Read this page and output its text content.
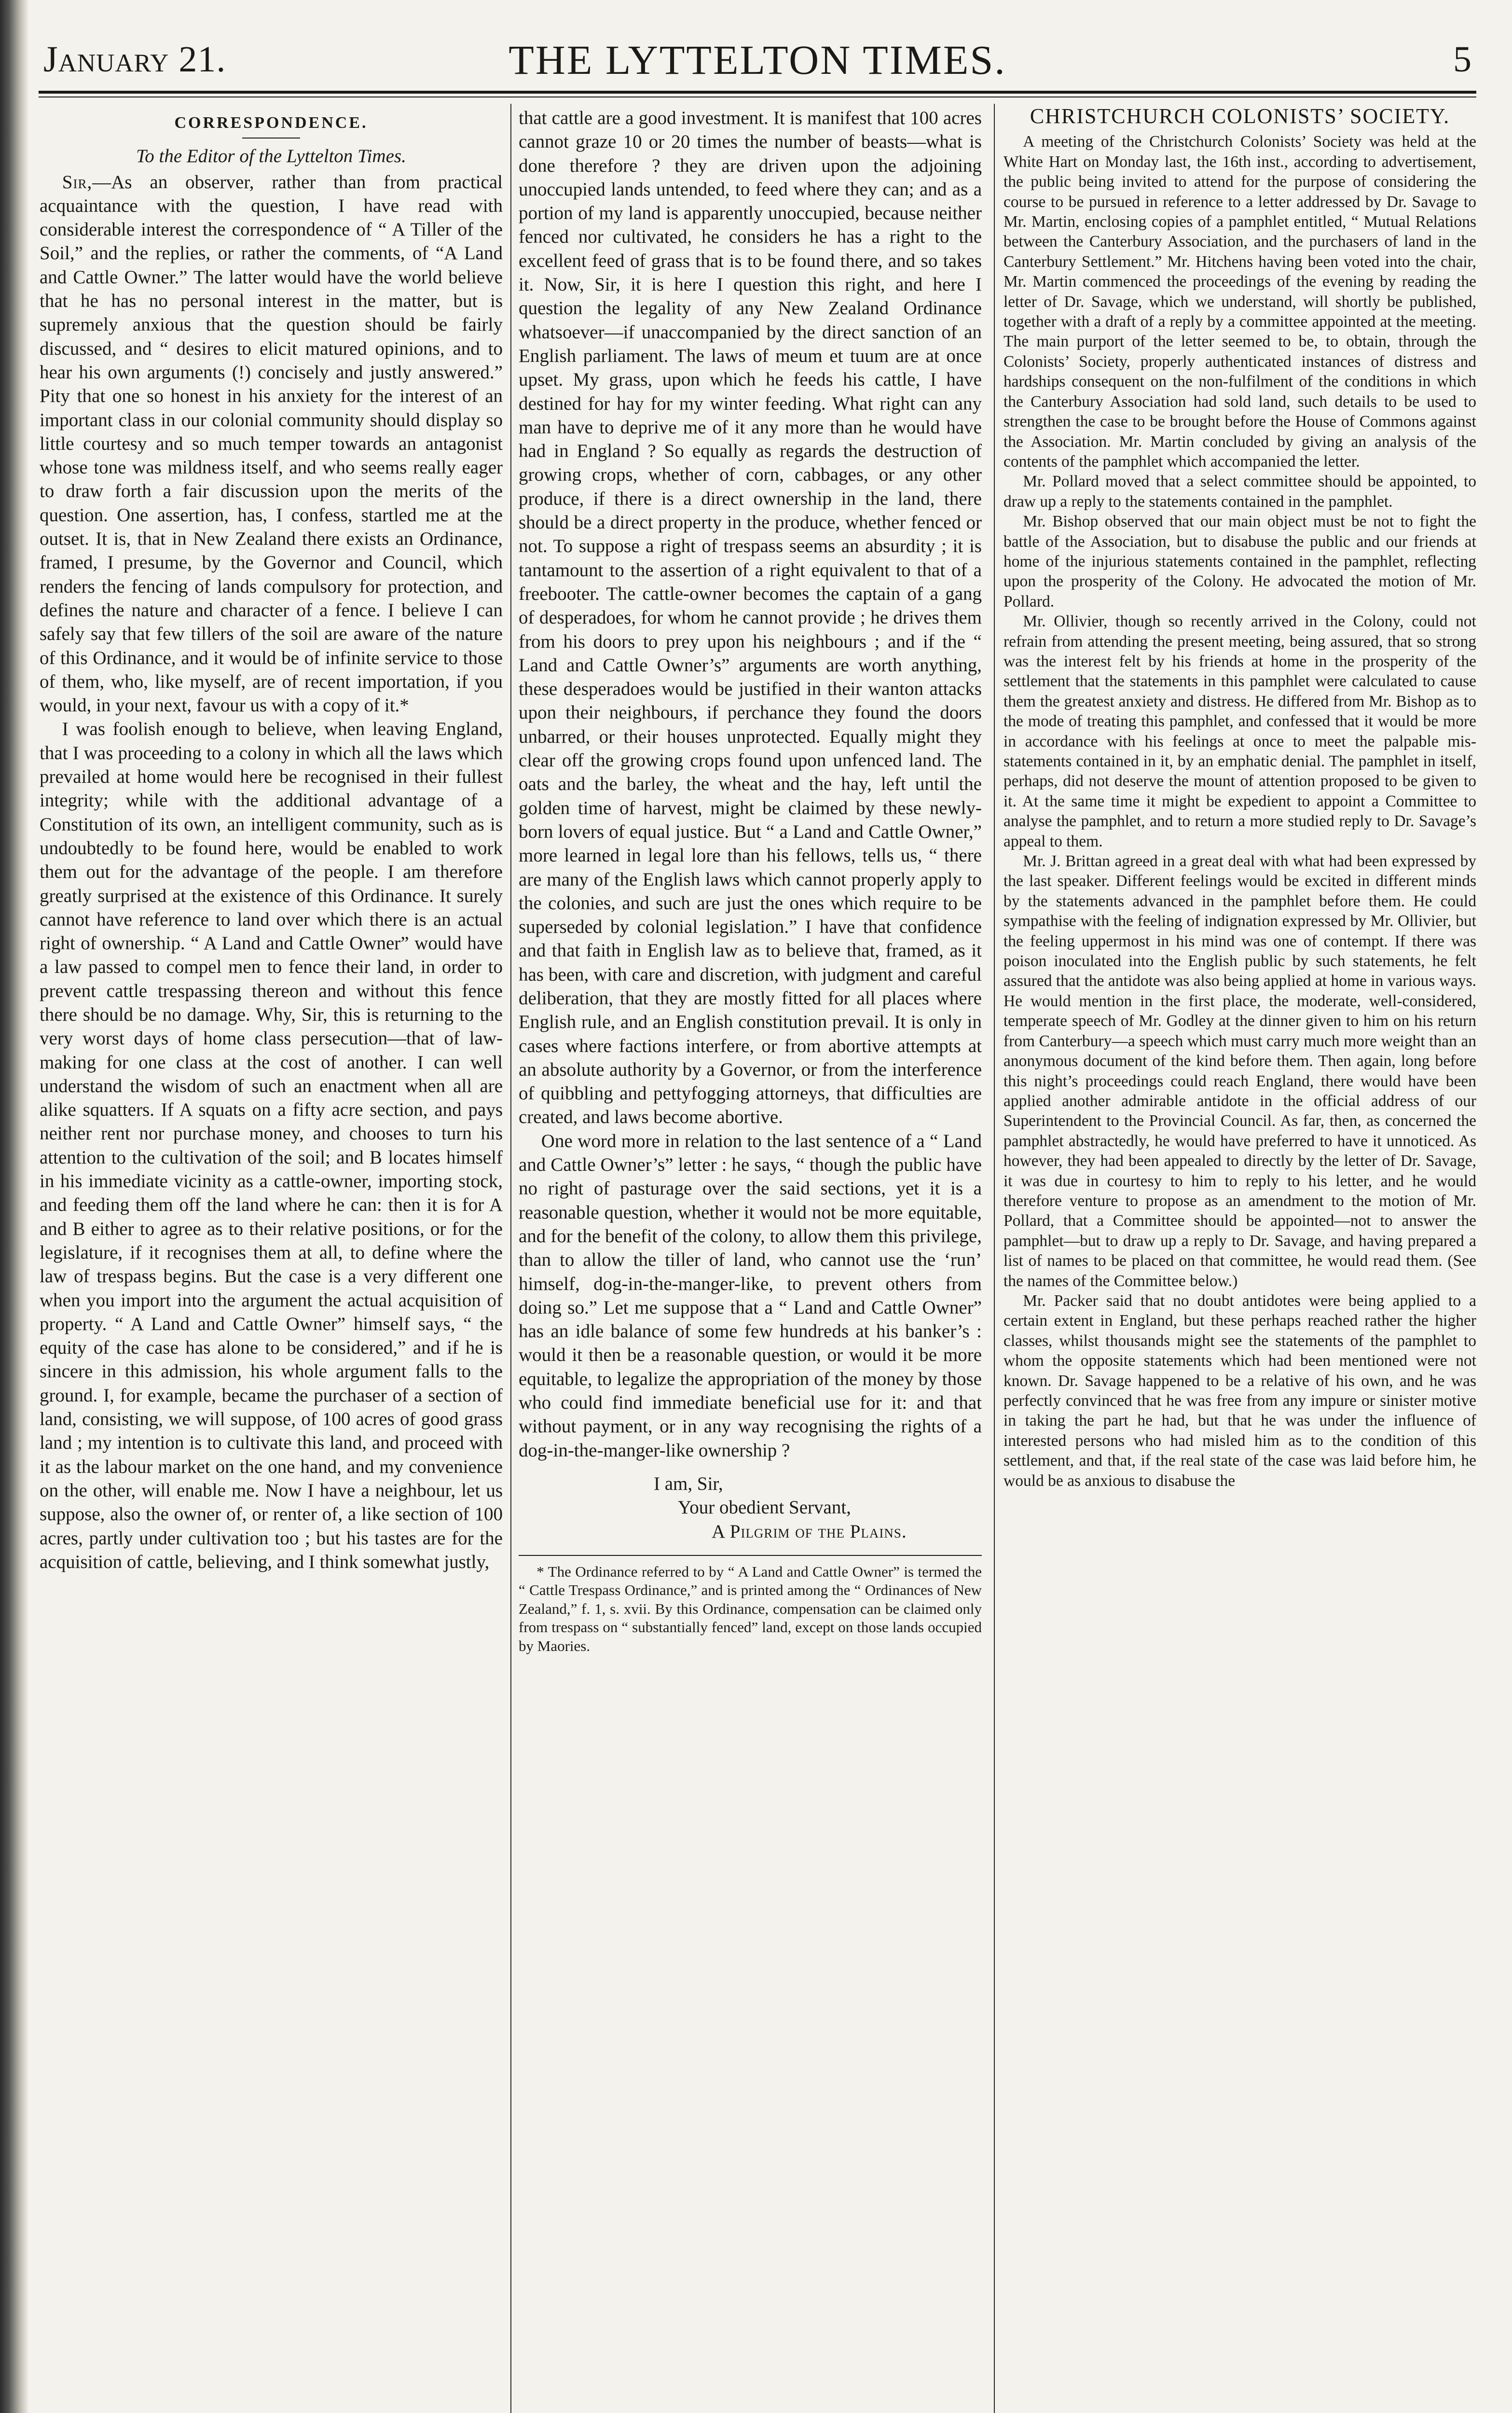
January 21.	THE LYTTELTON TIMES.	5
CORRESPONDENCE.

To the Editor of the Lyttelton Times.

Sir,—As an observer, rather than from practical acquaintance with the question, I have read with considerable interest the correspondence of “ A Tiller of the Soil,” and the replies, or rather the comments, of “A Land and Cattle Owner.” The latter would have the world believe that he has no personal interest in the matter, but is supremely anxious that the question should be fairly discussed, and “ desires to elicit matured opinions, and to hear his own arguments (!) concisely and justly answered.” Pity that one so honest in his anxiety for the interest of an important class in our colonial community should display so little courtesy and so much temper towards an antagonist whose tone was mildness itself, and who seems really eager to draw forth a fair discussion upon the merits of the question. One assertion, has, I confess, startled me at the outset. It is, that in New Zealand there exists an Ordinance, framed, I presume, by the Governor and Council, which renders the fencing of lands compulsory for protection, and defines the nature and character of a fence. I believe I can safely say that few tillers of the soil are aware of the nature of this Ordinance, and it would be of infinite service to those of them, who, like myself, are of recent importation, if you would, in your next, favour us with a copy of it.*

I was foolish enough to believe, when leaving England, that I was proceeding to a colony in which all the laws which prevailed at home would here be recognised in their fullest integrity; while with the additional advantage of a Constitution of its own, an intelligent community, such as is undoubtedly to be found here, would be enabled to work them out for the advantage of the people. I am therefore greatly surprised at the existence of this Ordinance. It surely cannot have reference to land over which there is an actual right of ownership. “ A Land and Cattle Owner” would have a law passed to compel men to fence their land, in order to prevent cattle trespassing thereon and without this fence there should be no damage. Why, Sir, this is returning to the very worst days of home class persecution—that of law-making for one class at the cost of another. I can well understand the wisdom of such an enactment when all are alike squatters. If A squats on a fifty acre section, and pays neither rent nor purchase money, and chooses to turn his attention to the cultivation of the soil; and B locates himself in his immediate vicinity as a cattle-owner, importing stock, and feeding them off the land where he can: then it is for A and B either to agree as to their relative positions, or for the legislature, if it recognises them at all, to define where the law of trespass begins. But the case is a very different one when you import into the argument the actual acquisition of property. “ A Land and Cattle Owner” himself says, “ the equity of the case has alone to be considered,” and if he is sincere in this admission, his whole argument falls to the ground. I, for example, became the purchaser of a section of land, consisting, we will suppose, of 100 acres of good grass land ; my intention is to cultivate this land, and proceed with it as the labour market on the one hand, and my convenience on the other, will enable me. Now I have a neighbour, let us suppose, also the owner of, or renter of, a like section of 100 acres, partly under cultivation too ; but his tastes are for the acquisition of cattle, believing, and I think somewhat justly,

that cattle are a good investment. It is manifest that 100 acres cannot graze 10 or 20 times the number of beasts—what is done therefore ? they are driven upon the adjoining unoccupied lands untended, to feed where they can; and as a portion of my land is apparently unoccupied, because neither fenced nor cultivated, he considers he has a right to the excellent feed of grass that is to be found there, and so takes it. Now, Sir, it is here I question this right, and here I question the legality of any New Zealand Ordinance whatsoever—if unaccompanied by the direct sanction of an English parliament. The laws of meum et tuum are at once upset. My grass, upon which he feeds his cattle, I have destined for hay for my winter feeding. What right can any man have to deprive me of it any more than he would have had in England ? So equally as regards the destruction of growing crops, whether of corn, cabbages, or any other produce, if there is a direct ownership in the land, there should be a direct property in the produce, whether fenced or not. To suppose a right of trespass seems an absurdity ; it is tantamount to the assertion of a right equivalent to that of a freebooter. The cattle-owner becomes the captain of a gang of desperadoes, for whom he cannot provide ; he drives them from his doors to prey upon his neighbours ; and if the “ Land and Cattle Owner’s” arguments are worth anything, these desperadoes would be justified in their wanton attacks upon their neighbours, if perchance they found the doors unbarred, or their houses unprotected. Equally might they clear off the growing crops found upon unfenced land. The oats and the barley, the wheat and the hay, left until the golden time of harvest, might be claimed by these newly-born lovers of equal justice. But “ a Land and Cattle Owner,” more learned in legal lore than his fellows, tells us, “ there are many of the English laws which cannot properly apply to the colonies, and such are just the ones which require to be superseded by colonial legislation.” I have that confidence and that faith in English law as to believe that, framed, as it has been, with care and discretion, with judgment and careful deliberation, that they are mostly fitted for all places where English rule, and an English constitution prevail. It is only in cases where factions interfere, or from abortive attempts at an absolute authority by a Governor, or from the interference of quibbling and pettyfogging attorneys, that difficulties are created, and laws become abortive.

One word more in relation to the last sentence of a “ Land and Cattle Owner’s” letter : he says, “ though the public have no right of pasturage over the said sections, yet it is a reasonable question, whether it would not be more equitable, and for the benefit of the colony, to allow them this privilege, than to allow the tiller of land, who cannot use the ‘run’ himself, dog-in-the-manger-like, to prevent others from doing so.” Let me suppose that a “ Land and Cattle Owner” has an idle balance of some few hundreds at his banker’s : would it then be a reasonable question, or would it be more equitable, to legalize the appropriation of the money by those who could find immediate beneficial use for it: and that without payment, or in any way recognising the rights of a dog-in-the-manger-like ownership ?

I am, Sir,
Your obedient Servant,
A Pilgrim of the Plains.

* The Ordinance referred to by “ A Land and Cattle Owner” is termed the “ Cattle Trespass Ordinance,” and is printed among the “ Ordinances of New Zealand,” f. 1, s. xvii. By this Ordinance, compensation can be claimed only from trespass on “ substantially fenced” land, except on those lands occupied by Maories.

CHRISTCHURCH COLONISTS’ SOCIETY.

A meeting of the Christchurch Colonists’ Society was held at the White Hart on Monday last, the 16th inst., according to advertisement, the public being invited to attend for the purpose of considering the course to be pursued in reference to a letter addressed by Dr. Savage to Mr. Martin, enclosing copies of a pamphlet entitled, “ Mutual Relations between the Canterbury Association, and the purchasers of land in the Canterbury Settlement.” Mr. Hitchens having been voted into the chair, Mr. Martin commenced the proceedings of the evening by reading the letter of Dr. Savage, which we understand, will shortly be published, together with a draft of a reply by a committee appointed at the meeting. The main purport of the letter seemed to be, to obtain, through the Colonists’ Society, properly authenticated instances of distress and hardships consequent on the non-fulfilment of the conditions in which the Canterbury Association had sold land, such details to be used to strengthen the case to be brought before the House of Commons against the Association. Mr. Martin concluded by giving an analysis of the contents of the pamphlet which accompanied the letter.

Mr. Pollard moved that a select committee should be appointed, to draw up a reply to the statements contained in the pamphlet.

Mr. Bishop observed that our main object must be not to fight the battle of the Association, but to disabuse the public and our friends at home of the injurious statements contained in the pamphlet, reflecting upon the prosperity of the Colony. He advocated the motion of Mr. Pollard.

Mr. Ollivier, though so recently arrived in the Colony, could not refrain from attending the present meeting, being assured, that so strong was the interest felt by his friends at home in the prosperity of the settlement that the statements in this pamphlet were calculated to cause them the greatest anxiety and distress. He differed from Mr. Bishop as to the mode of treating this pamphlet, and confessed that it would be more in accordance with his feelings at once to meet the palpable mis-statements contained in it, by an emphatic denial. The pamphlet in itself, perhaps, did not deserve the mount of attention proposed to be given to it. At the same time it might be expedient to appoint a Committee to analyse the pamphlet, and to return a more studied reply to Dr. Savage’s appeal to them.

Mr. J. Brittan agreed in a great deal with what had been expressed by the last speaker. Different feelings would be excited in different minds by the statements advanced in the pamphlet before them. He could sympathise with the feeling of indignation expressed by Mr. Ollivier, but the feeling uppermost in his mind was one of contempt. If there was poison inoculated into the English public by such statements, he felt assured that the antidote was also being applied at home in various ways. He would mention in the first place, the moderate, well-considered, temperate speech of Mr. Godley at the dinner given to him on his return from Canterbury—a speech which must carry much more weight than an anonymous document of the kind before them. Then again, long before this night’s proceedings could reach England, there would have been applied another admirable antidote in the official address of our Superintendent to the Provincial Council. As far, then, as concerned the pamphlet abstractedly, he would have preferred to have it unnoticed. As however, they had been appealed to directly by the letter of Dr. Savage, it was due in courtesy to him to reply to his letter, and he would therefore venture to propose as an amendment to the motion of Mr. Pollard, that a Committee should be appointed—not to answer the pamphlet—but to draw up a reply to Dr. Savage, and having prepared a list of names to be placed on that committee, he would read them. (See the names of the Committee below.)

Mr. Packer said that no doubt antidotes were being applied to a certain extent in England, but these perhaps reached rather the higher classes, whilst thousands might see the statements of the pamphlet to whom the opposite statements which had been mentioned were not known. Dr. Savage happened to be a relative of his own, and he was perfectly convinced that he was free from any impure or sinister motive in taking the part he had, but that he was under the influence of interested persons who had misled him as to the condition of this settlement, and that, if the real state of the case was laid before him, he would be as anxious to disabuse the
